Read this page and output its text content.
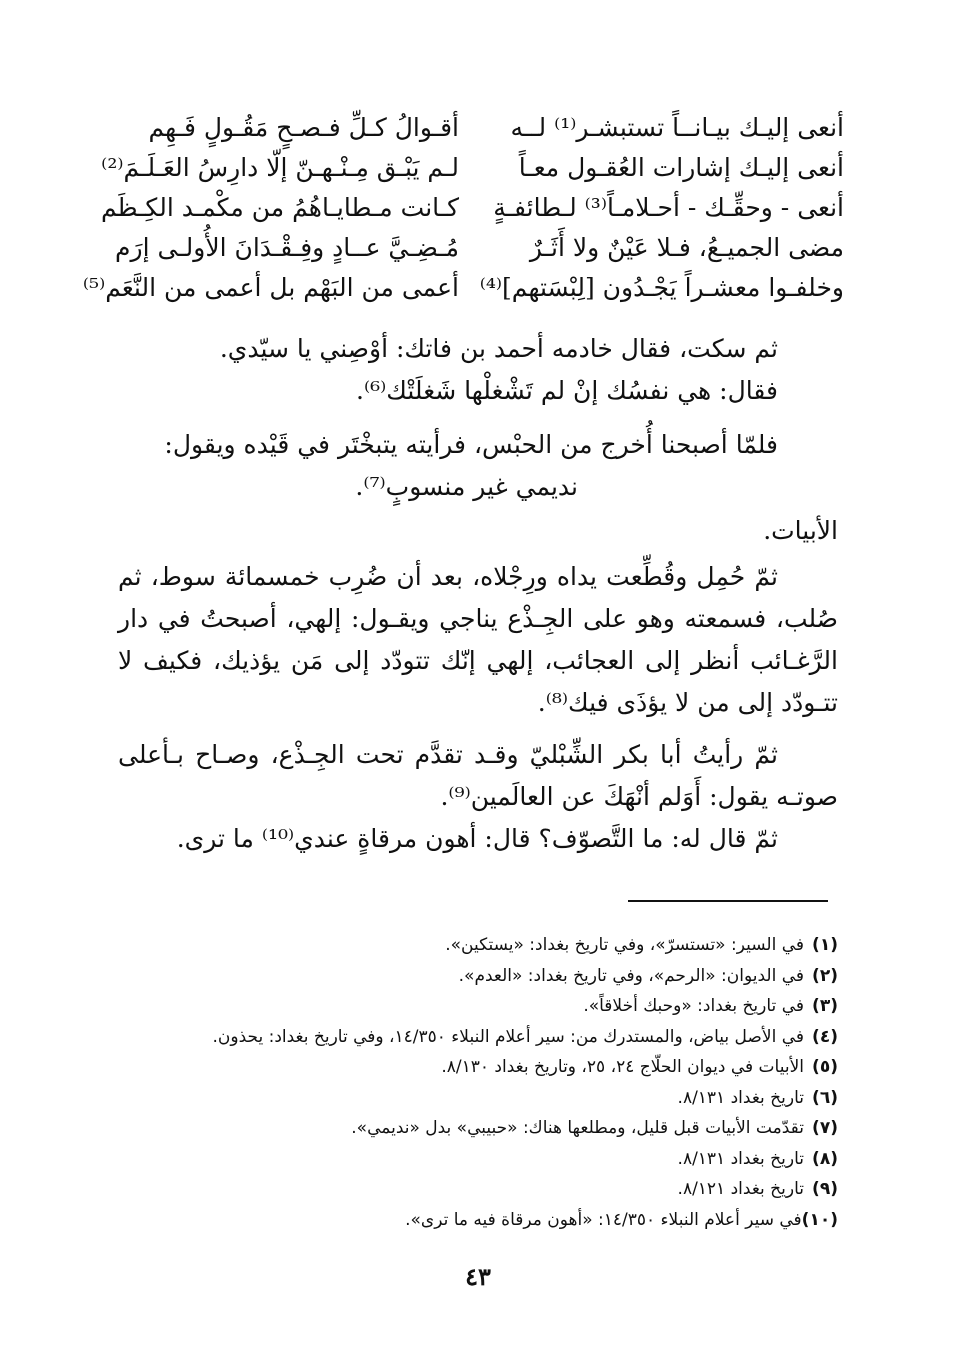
أنعى إليـك بيـانــاً تستبشـر⁽¹⁾ لــه
أقـوالُ كـلِّ فـصـحٍ مَقُـولٍ فَـهِم
أنعى إليـك إشارات العُقـول معـاً
لـم يَبْـق مِـنْـهـنّ إلّا دارِسُ العَـلَـمَ⁽²⁾
أنعى - وحقِّـك - أحـلامـاً⁽³⁾ لـطائفـةٍ
كـانت مـطايـاهُمُ من مكْمـد الكِـظَم
مضى الجميـعُ، فـلا عَيْنٌ ولا أَثَـرٌ
مُـضِـيَّ عــادٍ وفِـقْـدَانَ الأُولـى إرَم
وخلفـوا معشـراً يَجْـدُون [لِبْسَتهم]⁽⁴⁾
أعمى من البَهْم بل أعمى من النَّعَم⁽⁵⁾
ثم سكت، فقال خادمه أحمد بن فاتك: أوْصِني يا سيّدي.
فقال: هي نفسُك إنْ لم تَشْغلْها شَغلَتْك⁽⁶⁾.
فلمّا أصبحنا أُخرج من الحبْس، فرأيته يتبخْتَر في قَيْده ويقول:
نديمي غير منسوبٍ⁽⁷⁾.
الأبيات.
ثمّ حُمِل وقُطِّعت يداه ورِجْلاه، بعد أن ضُرِب خمسمائة سوط، ثم صُلب، فسمعته وهو على الجِـذْع يناجي ويقـول: إلهي، أصبحتُ في دار الرَّغـائب أنظر إلى العجائب، إلهي إنّك تتودّد إلى مَن يؤذيك، فكيف لا تتـودّد إلى من لا يؤذَى فيك⁽⁸⁾.
ثمّ رأيتُ أبا بكر الشِّبْليّ وقـد تقدَّم تحت الجِـذْع، وصـاح بـأعلى صوتـه يقول: أَوَلم أنْهَكَ عن العالَمين⁽⁹⁾.
ثمّ قال له: ما التَّصوّف؟ قال: أهون مرقاةٍ عندي⁽¹⁰⁾ ما ترى.
(١)
في السير: «تستسرّ»، وفي تاريخ بغداد: «يستكين».
(٢)
في الديوان: «الرحم»، وفي تاريخ بغداد: «العدم».
(٣)
في تاريخ بغداد: «وحبك أخلاقاً».
(٤)
في الأصل بياض، والمستدرك من: سير أعلام النبلاء ١٤/٣٥٠، وفي تاريخ بغداد: يحذون.
(٥)
الأبيات في ديوان الحلّاج ٢٤، ٢٥، وتاريخ بغداد ٨/١٣٠.
(٦)
تاريخ بغداد ٨/١٣١.
(٧)
تقدّمت الأبيات قبل قليل، ومطلعها هناك: «حبيبي» بدل «نديمي».
(٨)
تاريخ بغداد ٨/١٣١.
(٩)
تاريخ بغداد ٨/١٢١.
(١٠)
في سير أعلام النبلاء ١٤/٣٥٠: «أهون مرقاة فيه ما ترى».
٤٣
